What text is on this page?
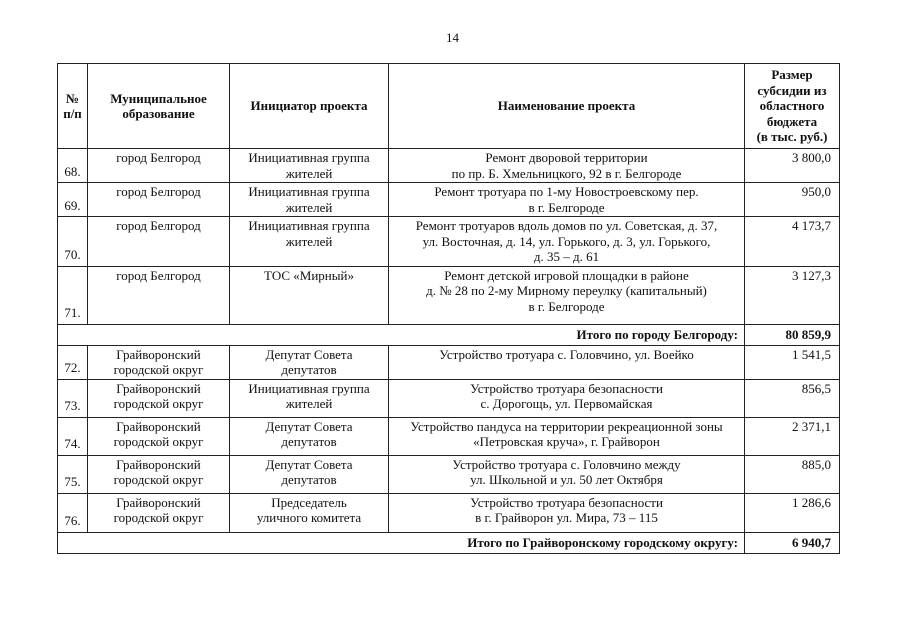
14
№
п/п	Муниципальное
образование	Инициатор проекта	Наименование проекта	Размер
субсидии из
областного
бюджета
(в тыс. руб.)

68.	город Белгород	Инициативная группа
жителей	Ремонт дворовой территории
по пр. Б. Хмельницкого, 92 в г. Белгороде	3 800,0
69.	город Белгород	Инициативная группа
жителей	Ремонт тротуара по 1-му Новостроевскому пер.
в г. Белгороде	950,0
70.	город Белгород	Инициативная группа
жителей	Ремонт тротуаров вдоль домов по ул. Советская, д. 37,
ул. Восточная, д. 14, ул. Горького, д. 3, ул. Горького,
д. 35 – д. 61	4 173,7
71.	город Белгород	ТОС «Мирный»	Ремонт детской игровой площадки в районе
д. № 28 по 2-му Мирному переулку (капитальный)
в г. Белгороде	3 127,3
Итого по городу Белгороду:				80 859,9
72.	Грайворонский
городской округ	Депутат Совета
депутатов	Устройство тротуара с. Головчино, ул. Воейко	1 541,5
73.	Грайворонский
городской округ	Инициативная группа
жителей	Устройство тротуара безопасности
с. Дорогощь, ул. Первомайская	856,5
74.	Грайворонский
городской округ	Депутат Совета
депутатов	Устройство пандуса на территории рекреационной зоны
«Петровская круча», г. Грайворон	2 371,1
75.	Грайворонский
городской округ	Депутат Совета
депутатов	Устройство тротуара с. Головчино между
ул. Школьной и ул. 50 лет Октября	885,0
76.	Грайворонский
городской округ	Председатель
уличного комитета	Устройство тротуара безопасности
в г. Грайворон ул. Мира, 73 – 115	1 286,6
Итого по Грайворонскому городскому округу:				6 940,7
